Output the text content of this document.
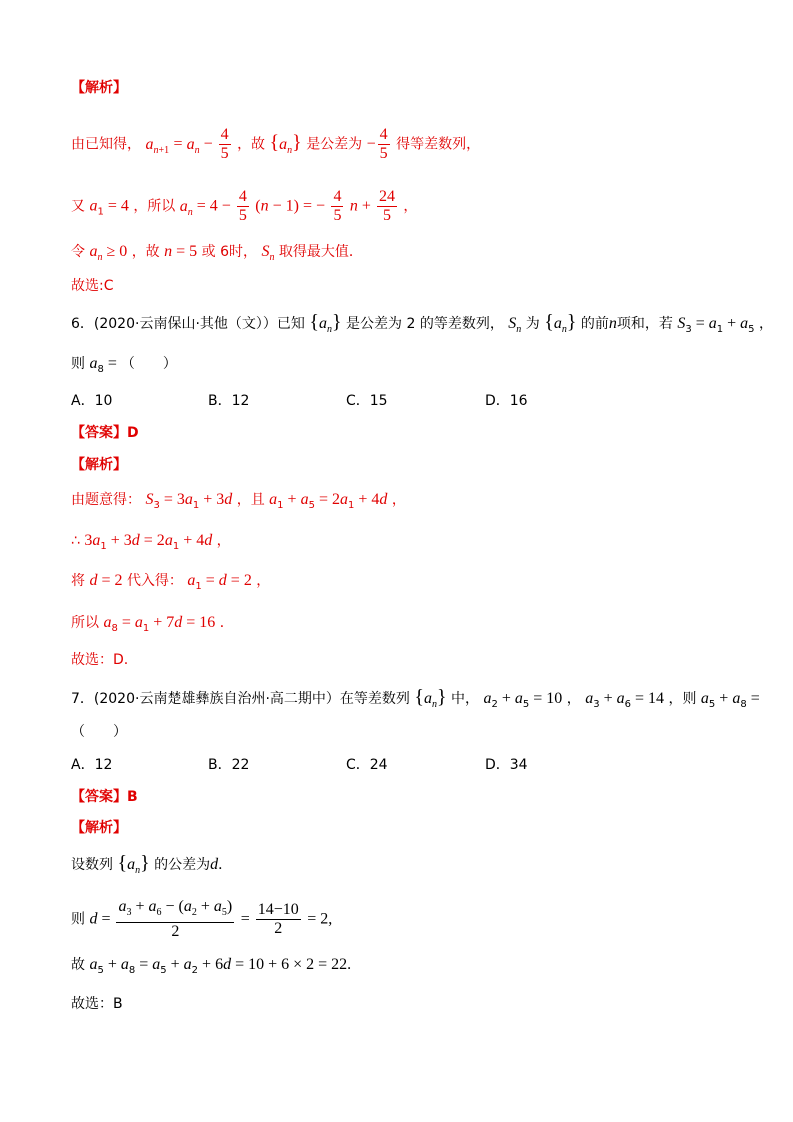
【解析】
由已知得， $a_{n+1} = a_n - \frac{4}{5}$ ，故 $\{a_n\}$ 是公差为 − $\frac{4}{5}$ 得等差数列，
又 $a_1 = 4$ ，所以 $a_n = 4 - \frac{4}{5} (n - 1)$ = − $\frac{4}{5}$ $n + \frac{24}{5}$ ，
令 $a_n \ge 0$ ，故 n = 5 或 6时， $S_n$ 取得最大值．
故选:C
6．(2020·云南保山·其他（文））已知 $\{a_n\}$ 是公差为 2 的等差数列， $S_n$ 为 $\{a_n\}$ 的前n项和，若 $S_3 = a_1 + a_5$ ，
则 $a_8$ = （　　）
A．10	B．12	C．15	D．16
【答案】D
【解析】
由题意得： $S_3 = 3a_1 + 3d$ ，且 $a_1 + a_5 = 2a_1 + 4d$ ，
∴ $3a_1 + 3d = 2a_1 + 4d$ ，
将 d = 2 代入得： $a_1 = d = 2$ ，
所以 $a_8 = a_1 + 7d = 16$ ．
故选：D.
7．(2020·云南楚雄彝族自治州·高二期中）在等差数列 $\{a_n\}$ 中， $a_2 + a_5 = 10$ ， $a_3 + a_6 = 14$ ，则 $a_5 + a_8$ =
（　　）
A．12	B．22	C．24	D．34
【答案】B
【解析】
设数列 $\{a_n\}$ 的公差为d．
则 $d = \frac{a_3 + a_6 - (a_2 + a_5)}{2} = \frac{14-10}{2} = 2$,
故 $a_5 + a_8 = a_5 + a_2 + 6d = 10 + 6 \times 2 = 22$.
故选：B
